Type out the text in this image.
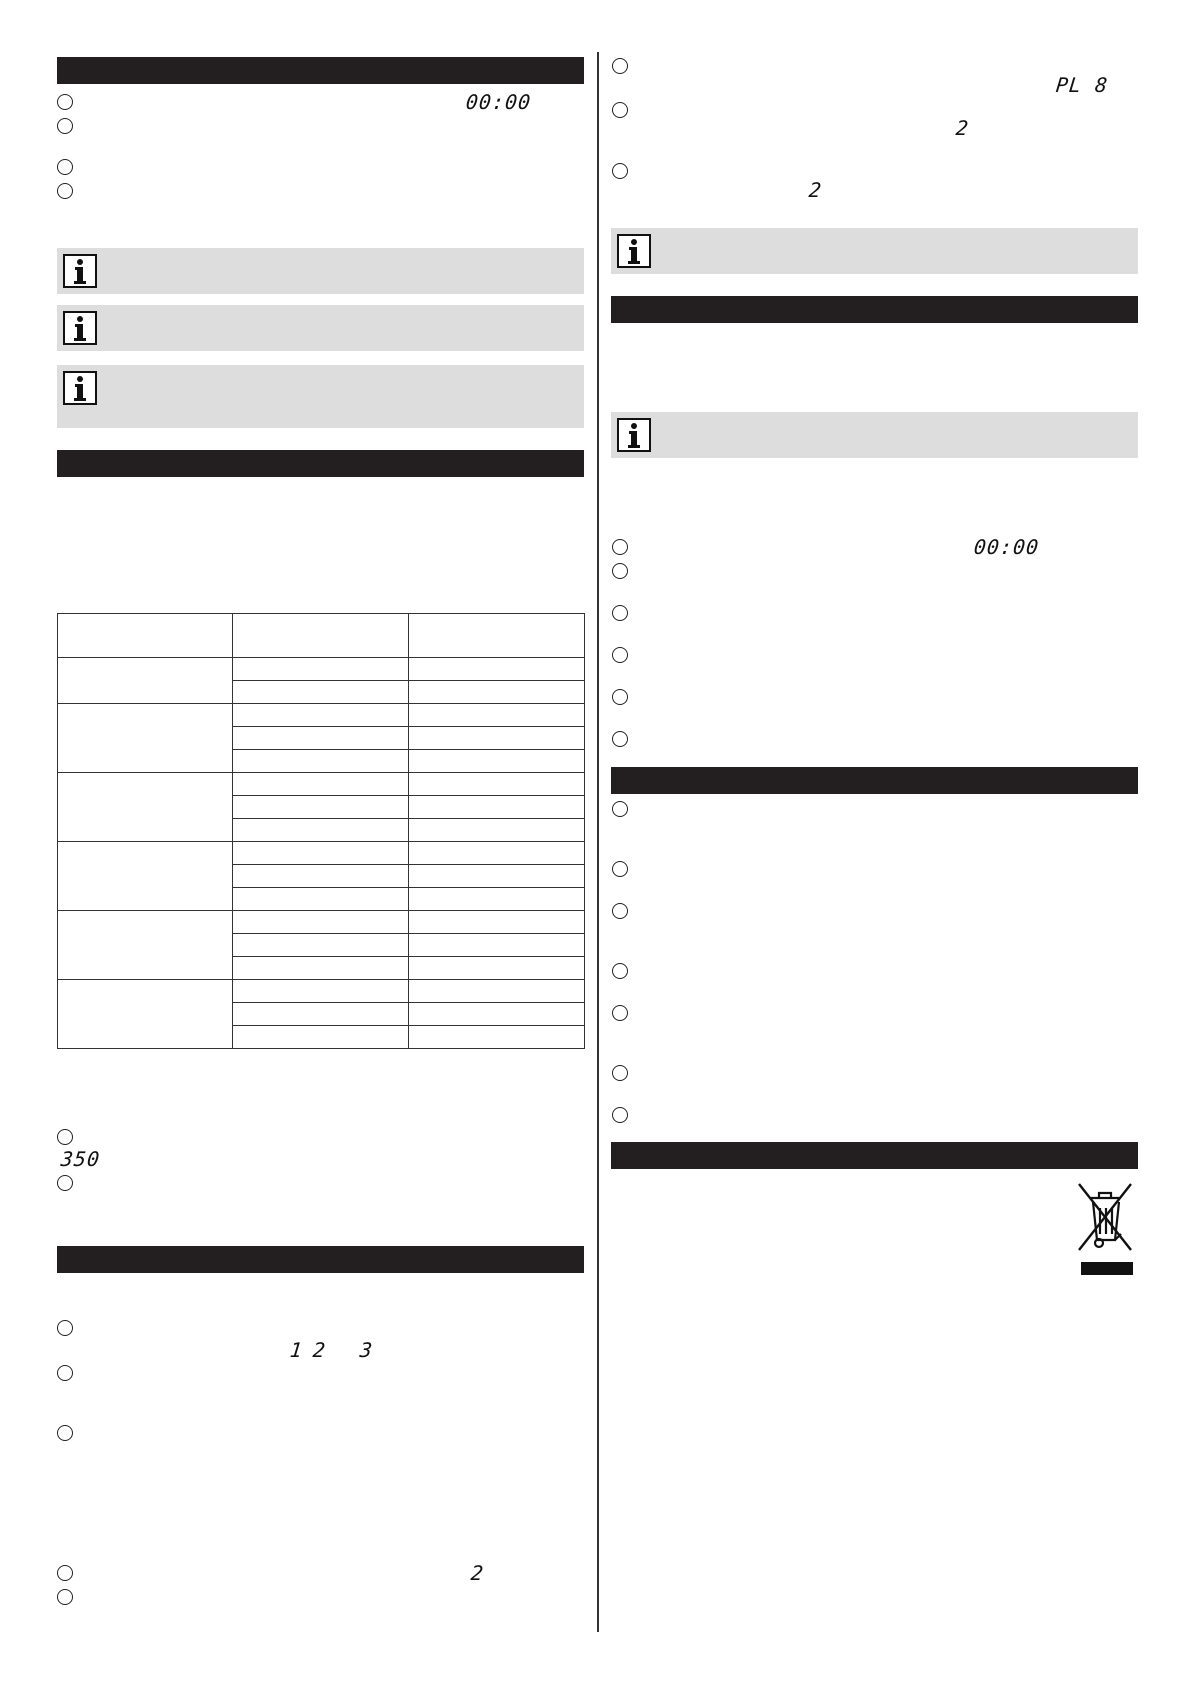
00:00

350
1 2 3
2
PL 8
2
2
00:00
